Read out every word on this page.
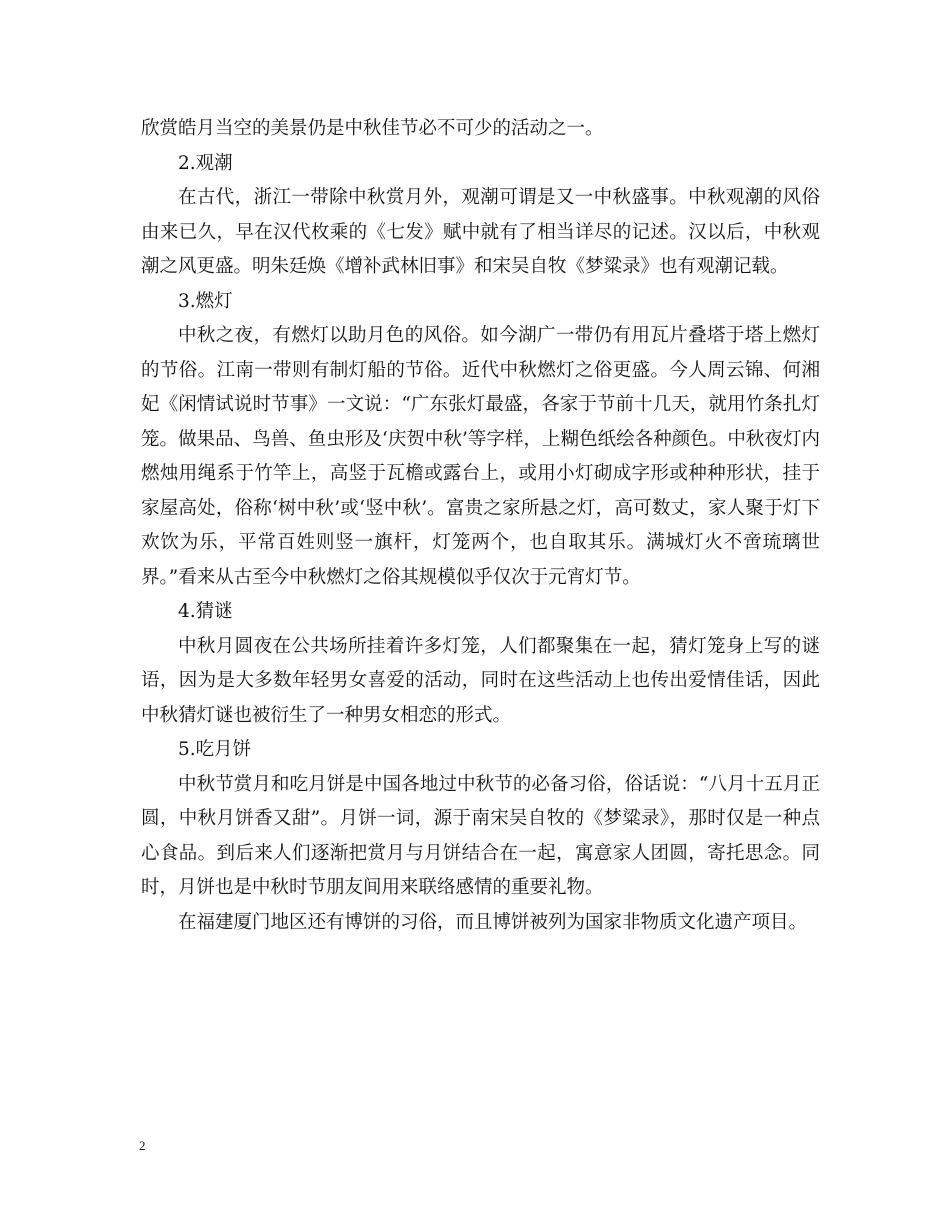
欣赏皓月当空的美景仍是中秋佳节必不可少的活动之一。

2.观潮

在古代，浙江一带除中秋赏月外，观潮可谓是又一中秋盛事。中秋观潮的风俗由来已久，早在汉代枚乘的《七发》赋中就有了相当详尽的记述。汉以后，中秋观潮之风更盛。明朱廷焕《增补武林旧事》和宋吴自牧《梦粱录》也有观潮记载。

3.燃灯

中秋之夜，有燃灯以助月色的风俗。如今湖广一带仍有用瓦片叠塔于塔上燃灯的节俗。江南一带则有制灯船的节俗。近代中秋燃灯之俗更盛。今人周云锦、何湘妃《闲情试说时节事》一文说：“广东张灯最盛，各家于节前十几天，就用竹条扎灯笼。做果品、鸟兽、鱼虫形及‘庆贺中秋’等字样，上糊色纸绘各种颜色。中秋夜灯内燃烛用绳系于竹竿上，高竖于瓦檐或露台上，或用小灯砌成字形或种种形状，挂于家屋高处，俗称‘树中秋’或‘竖中秋’。富贵之家所悬之灯，高可数丈，家人聚于灯下欢饮为乐，平常百姓则竖一旗杆，灯笼两个，也自取其乐。满城灯火不啻琉璃世界。”看来从古至今中秋燃灯之俗其规模似乎仅次于元宵灯节。

4.猜谜

中秋月圆夜在公共场所挂着许多灯笼，人们都聚集在一起，猜灯笼身上写的谜语，因为是大多数年轻男女喜爱的活动，同时在这些活动上也传出爱情佳话，因此中秋猜灯谜也被衍生了一种男女相恋的形式。

5.吃月饼

中秋节赏月和吃月饼是中国各地过中秋节的必备习俗，俗话说：“八月十五月正圆，中秋月饼香又甜”。月饼一词，源于南宋吴自牧的《梦粱录》，那时仅是一种点心食品。到后来人们逐渐把赏月与月饼结合在一起，寓意家人团圆，寄托思念。同时，月饼也是中秋时节朋友间用来联络感情的重要礼物。

在福建厦门地区还有博饼的习俗，而且博饼被列为国家非物质文化遗产项目。

2
